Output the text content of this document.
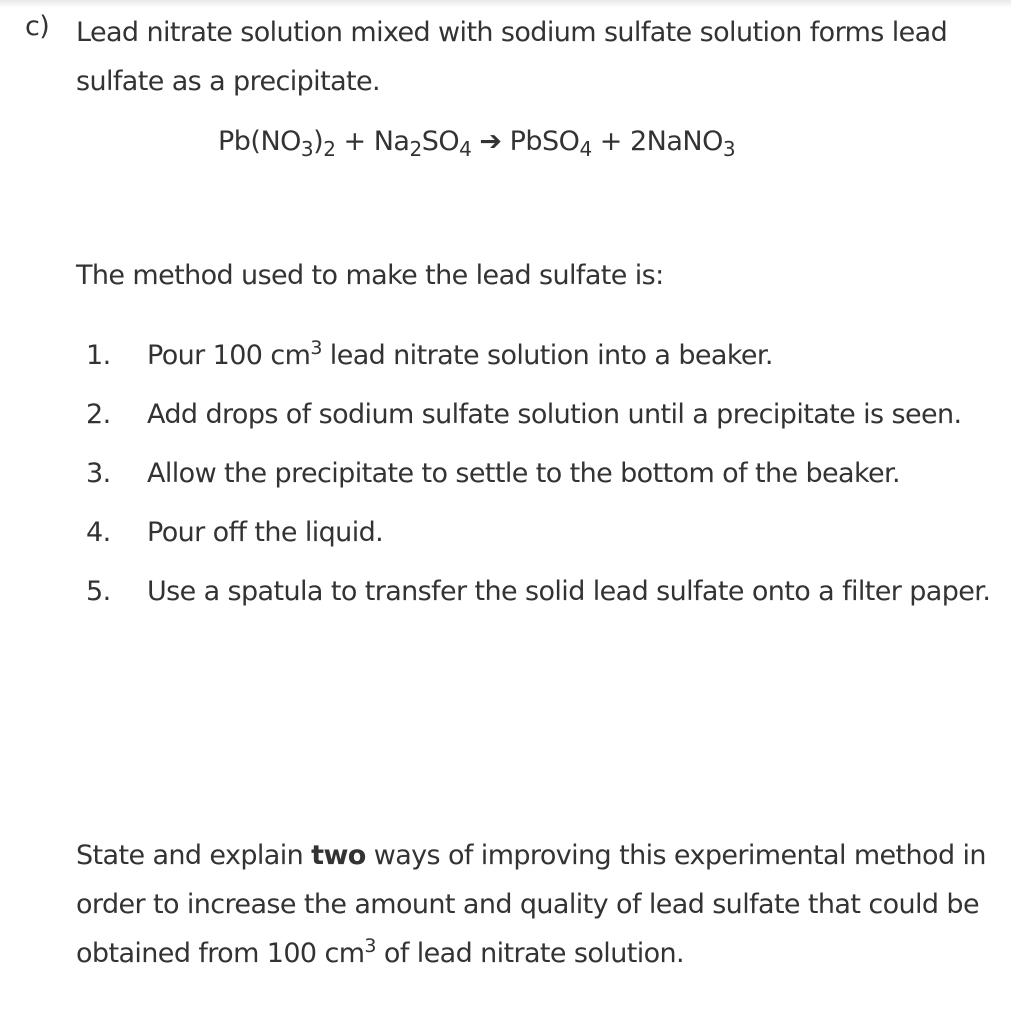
c) Lead nitrate solution mixed with sodium sulfate solution forms lead sulfate as a precipitate.
$Pb(NO_3)_2 + Na_2SO_4$ ➔ PbSO$_4$ + 2NaNO$_3$
The method used to make the lead sulfate is:
1. Pour 100 $cm^3$ lead nitrate solution into a beaker.
2. Add drops of sodium sulfate solution until a precipitate is seen.
3. Allow the precipitate to settle to the bottom of the beaker.
4. Pour off the liquid.
5. Use a spatula to transfer the solid lead sulfate onto a filter paper.
State and explain two ways of improving this experimental method in order to increase the amount and quality of lead sulfate that could be obtained from 100 $cm^3$ of lead nitrate solution.
